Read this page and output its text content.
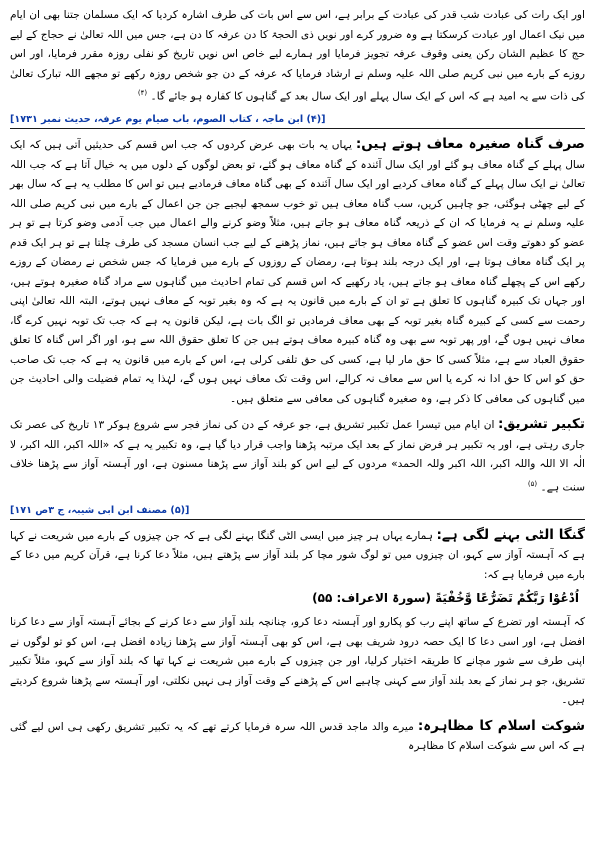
اور ایک رات کی عبادت شب قدر کی عبادت کے برابر ہے، اس سے اس بات کی طرف اشارہ کردیا کہ ایک مسلمان جتنا بھی ان ایام میں نیک اعمال اور عبادت کرسکتا ہے وہ ضرور کرے اور نویں ذی الحجۃ کا دن عرفہ کا دن ہے، جس میں اللہ تعالیٰ نے حجاج کے لیے حج کا عظیم الشان رکن یعنی وقوف عرفہ تجویز فرمایا اور ہمارے لیے خاص اس نویں تاریخ کو نفلی روزہ مقرر فرمایا، اور اس روزے کے بارے میں نبی کریم صلی اللہ علیہ وسلم نے ارشاد فرمایا کہ عرفہ کے دن جو شخص روزہ رکھے تو مجھے اللہ تبارک تعالیٰ کی ذات سے یہ امید ہے کہ اس کے ایک سال پہلے اور ایک سال بعد کے گناہوں کا کفارہ ہو جائے گا۔ $^{(۴)}$

[(۴) ابن ماجہ ، کتاب الصوم، باب صیام یوم عرفہ، حدیث نمبر ۱۷۳۱]

صرف گناہ صغیرہ معاف ہوتے ہیں: یہاں یہ بات بھی عرض کردوں کہ جب اس قسم کی حدیثیں آتی ہیں کہ ایک سال پہلے کے گناہ معاف ہو گئے اور ایک سال آئندہ کے گناہ معاف ہو گئے، تو بعض لوگوں کے دلوں میں یہ خیال آتا ہے کہ جب اللہ تعالیٰ نے ایک سال پہلے کے گناہ معاف کردیے اور ایک سال آئندہ کے بھی گناہ معاف فرمادیے ہیں تو اس کا مطلب یہ ہے کہ سال بھر کے لیے چھٹی ہوگئی، جو چاہیں کریں، سب گناہ معاف ہیں تو خوب سمجھ لیجیے جن جن اعمال کے بارے میں نبی کریم صلی اللہ علیہ وسلم نے یہ فرمایا کہ ان کے ذریعہ گناہ معاف ہو جاتے ہیں، مثلاً وضو کرنے والے اعمال میں جب آدمی وضو کرتا ہے تو ہر عضو کو دھوتے وقت اس عضو کے گناہ معاف ہو جاتے ہیں، نماز پڑھنے کے لیے جب انسان مسجد کی طرف چلتا ہے تو ہر ایک قدم پر ایک گناہ معاف ہوتا ہے، اور ایک درجہ بلند ہوتا ہے، رمضان کے روزوں کے بارے میں فرمایا کہ جس شخص نے رمضان کے روزے رکھے اس کے پچھلے گناہ معاف ہو جاتے ہیں، یاد رکھیے کہ اس قسم کی تمام احادیث میں گناہوں سے مراد گناہ صغیرہ ہوتے ہیں، اور جہاں تک کبیرہ گناہوں کا تعلق ہے تو ان کے بارے میں قانون یہ ہے کہ وہ بغیر توبہ کے معاف نہیں ہوتے، البتہ اللہ تعالیٰ اپنی رحمت سے کسی کے کبیرہ گناہ بغیر توبہ کے بھی معاف فرمادیں تو الگ بات ہے، لیکن قانون یہ ہے کہ جب تک توبہ نہیں کرے گا، معاف نہیں ہوں گے، اور پھر توبہ سے بھی وہ گناہ کبیرہ معاف ہوتے ہیں جن کا تعلق حقوق اللہ سے ہو، اور اگر اس گناہ کا تعلق حقوق العباد سے ہے، مثلاً کسی کا حق مار لیا ہے، کسی کی حق تلفی کرلی ہے، اس کے بارے میں قانون یہ ہے کہ جب تک صاحب حق کو اس کا حق ادا نہ کرے یا اس سے معاف نہ کرالے، اس وقت تک معاف نہیں ہوں گے، لہٰذا یہ تمام فضیلت والی احادیث جن میں گناہوں کی معافی کا ذکر ہے، وہ صغیرہ گناہوں کی معافی سے متعلق ہیں۔

تکبیر تشریق: ان ایام میں تیسرا عمل تکبیر تشریق ہے، جو عرفہ کے دن کی نماز فجر سے شروع ہوکر ۱۳ تاریخ کی عصر تک جاری رہتی ہے، اور یہ تکبیر ہر فرض نماز کے بعد ایک مرتبہ پڑھنا واجب قرار دیا گیا ہے، وہ تکبیر یہ ہے کہ «اللہ اکبر، اللہ اکبر، لا الٰہ الا اللہ واللہ اکبر، اللہ اکبر وللہ الحمد» مردوں کے لیے اس کو بلند آواز سے پڑھنا مسنون ہے، اور آہستہ آواز سے پڑھنا خلاف سنت ہے۔ $^{(۵)}$

[(۵) مصنف ابن ابی شیبہ، ج ۳ص ۱۷۱]

گنگا الٹی بہنے لگی ہے: ہمارے یہاں ہر چیز میں ایسی الٹی گنگا بہنے لگی ہے کہ جن چیزوں کے بارے میں شریعت نے کہا ہے کہ آہستہ آواز سے کہو، ان چیزوں میں تو لوگ شور مچا کر بلند آواز سے پڑھتے ہیں، مثلاً دعا کرنا ہے، قرآن کریم میں دعا کے بارے میں فرمایا ہے کہ:

اُدْعُوْا رَبَّكُمْ تَضَرُّعًا وَّخُفْيَةً (سورۃ الاعراف: ۵۵)

کہ آہستہ اور تضرع کے ساتھ اپنے رب کو پکارو اور آہستہ دعا کرو، چنانچہ بلند آواز سے دعا کرنے کے بجائے آہستہ آواز سے دعا کرنا افضل ہے، اور اسی دعا کا ایک حصہ درود شریف بھی ہے، اس کو بھی آہستہ آواز سے پڑھنا زیادہ افضل ہے، اس کو تو لوگوں نے اپنی طرف سے شور مچانے کا طریقہ اختیار کرلیا، اور جن چیزوں کے بارے میں شریعت نے کہا تھا کہ بلند آواز سے کہو، مثلاً تکبیر تشریق، جو ہر نماز کے بعد بلند آواز سے کہنی چاہیے اس کے پڑھنے کے وقت آواز ہی نہیں نکلتی، اور آہستہ سے پڑھنا شروع کردیتے ہیں۔

شوکت اسلام کا مظاہرہ: میرے والد ماجد قدس اللہ سرہ فرمایا کرتے تھے کہ یہ تکبیر تشریق رکھی ہی اس لیے گئی ہے کہ اس سے شوکت اسلام کا مظاہرہ
